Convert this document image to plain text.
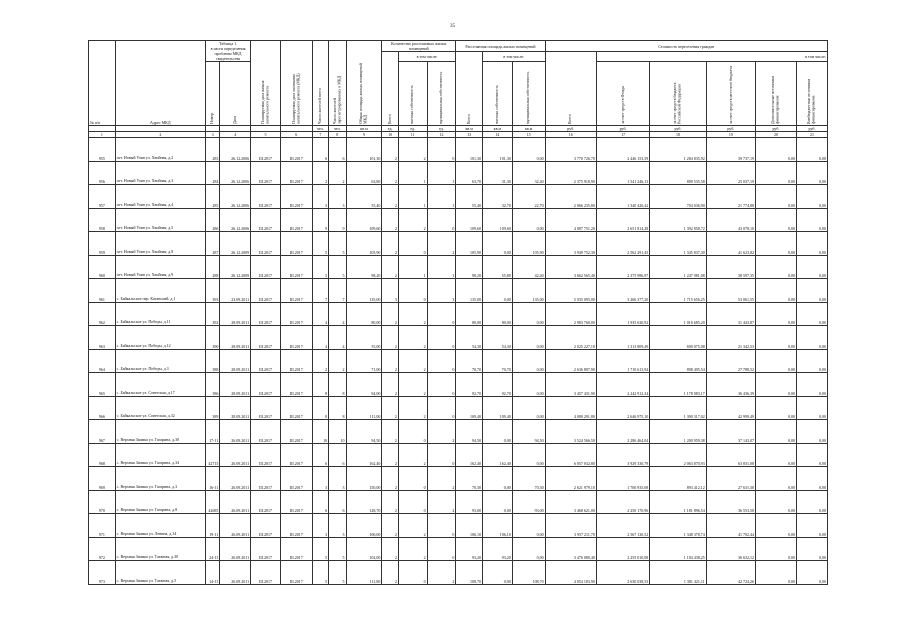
35
№ п/п	Адрес МКД	Таблица 1.
в части определения
проблемы МКД
свидетельства		Планируемая дата начала капитального ремонта	Планируемая дата окончания капитального ремонта (МКД)	Число жителей всего	Число жителей зарегистрированных в МКД	Общая площадь жилых помещений МКД	Количество расселяемых жилых помещений			Расселяемая площадь жилых помещений			Стоимость переселения граждан					
									Всего	в том числе:		Всего	в том числе:		Всего	в том числе:				
		Номер	Дата							частная собственность	муниципальная собственность		частная собственность	муниципальная собственность		за счет средств Фонда	за счет средств бюджета Российской Федерации	за счет средств местного бюджета	Дополнительные источники финансирования	Внебюджетные источники финансирования
						чел.	чел.	кв.м	ед.	ед.	ед.	кв.м	кв.м	кв.м	руб.	руб.	руб.	руб.	руб.	руб.
1	2	3	4	5	6	7	8	9	10	11	12	13	14	15	16	17	18	19	20	21
955	пгт. Новый Уоян ул. Хвойная, д.2	283	26.12.2006	III.2017	III.2017	6	6	101,30	2	2	0	101,30	101,30	0,00	3 770 726,70	2 446 153,59	1 284 835,92	39 737,19	0,00	0,00
956	пгт. Новый Уоян ул. Хвойная, д.3	284	26.12.2006	III.2017	III.2017	2	2	63,80	2	1	1	63,70	31,30	32,40	2 375 918,90	1 541 246,13	809 535,58	25 037,19	0,00	0,00
957	пгт. Новый Уоян ул. Хвойная, д.4	285	26.12.2006	III.2017	III.2017	3	3	55,40	2	1	1	55,40	32,70	22,70	2 066 235,80	1 340 420,42	704 036,90	21 774,88	0,00	0,00
958	пгт. Новый Уоян ул. Хвойная, д.5	286	26.12.2006	III.2017	III.2017	9	9	109,60	2	2	0	109,60	109,60	0,00	4 087 751,20	2 651 814,28	1 392 858,72	43 078,10	0,00	0,00
959	пгт. Новый Уоян ул. Хвойная, д.8	287	26.12.2009	III.2017	III.2017	5	5	105,90	2	0	2	105,90	0,00	105,90	3 949 752,30	2 562 291,45	1 345 837,30	41 623,82	0,00	0,00
960	пгт. Новый Уоян ул. Хвойная, д.9	288	26.12.2009	III.2017	III.2017	5	5	98,20	2	1	1	98,20	55,80	42,40	3 662 565,40	2 375 986,97	1 247 981,08	38 597,35	0,00	0,00
961	с. Байкальское пер. Катанский, д.1	393	23.09.2011	III.2017	III.2017	7	7	135,00	3	0	3	135,00	0,00	135,00	5 035 095,00	3 266 377,20	1 715 656,25	53 061,55	0,00	0,00
962	с. Байкальское ул. Победы, д.11	392	28.09.2011	III.2017	III.2017	4	4	80,00	2	2	0	80,00	80,00	0,00	2 983 760,00	1 935 630,92	1 016 685,20	31 443,87	0,00	0,00
963	с. Байкальское ул. Победы, д.12	390	28.09.2011	III.2017	III.2017	4	4	55,00	2	2	0	54,30	54,30	0,00	2 025 227,10	1 313 809,49	690 075,08	21 342,53	0,00	0,00
964	с. Байкальское ул. Победы, д.3	388	28.09.2011	III.2017	III.2017	2	2	71,00	2	2	0	70,70	70,70	0,00	2 636 897,90	1 710 613,94	898 495,54	27 788,52	0,00	0,00
965	с. Байкальское ул. Советская, д.17	386	28.09.2011	III.2017	III.2017	8	8	94,00	2	2	0	92,70	92,70	0,00	3 457 431,90	2 242 912,34	1 178 083,17	36 436,39	0,00	0,00
966	с. Байкальское ул. Советская, д.32	389	28.09.2011	III.2017	III.2017	8	8	111,00	2	2	0	109,40	109,40	0,00	4 080 291,80	2 646 975,10	1 390 317,02	42 999,49	0,00	0,00
967	с. Верхняя Заимка ул. Гагарина, д.30	17-11	26.09.2011	III.2017	III.2017	10	10	94,50	2	0	2	94,50	0,00	94,50	3 524 566,50	2 286 464,04	1 200 959,38	37 143,07	0,00	0,00
968	с. Верхняя Заимка ул. Гагарина, д.34	42715	26.09.2011	III.2017	III.2017	6	6	162,40	2	2	0	162,40	162,40	0,00	6 057 032,80	3 929 330,79	2 063 870,93	63 831,08	0,00	0,00
969	с. Верхняя Заимка ул. Гагарина, д.3	16-11	26.09.2011	III.2017	III.2017	3	3	150,00	2	0	2	70,30	0,00	70,30	2 621 979,10	1 700 935,68	893 412,12	27 631,30	0,00	0,00
970	с. Верхняя Заимка ул. Гагарина, д.8	42685	26.09.2011	III.2017	III.2017	6	6	128,70	2	0	2	93,00	0,00	93,00	3 468 621,00	2 250 170,96	1 181 896,54	36 553,50	0,00	0,00
971	с. Верхняя Заимка ул. Ленина, д.34	19-11	26.09.2011	III.2017	III.2017	3	3	106,00	2	2	0	106,10	106,10	0,00	3 957 211,70	2 567 130,52	1 348 378,74	41 702,44	0,00	0,00
972	с. Верхняя Заимка ул. Таежная, д.30	24-11	26.09.2011	III.2017	III.2017	5	5	102,00	2	2	0	93,20	93,20	0,00	3 476 080,40	2 255 010,08	1 184 438,25	36 632,12	0,00	0,00
973	с. Верхняя Заимка ул. Таежная, д.5	14-11	26.09.2011	III.2017	III.2017	5	5	111,80	2	0	2	108,70	0,00	108,70	4 054 183,90	2 630 038,53	1 381 421,11	42 724,26	0,00	0,00
